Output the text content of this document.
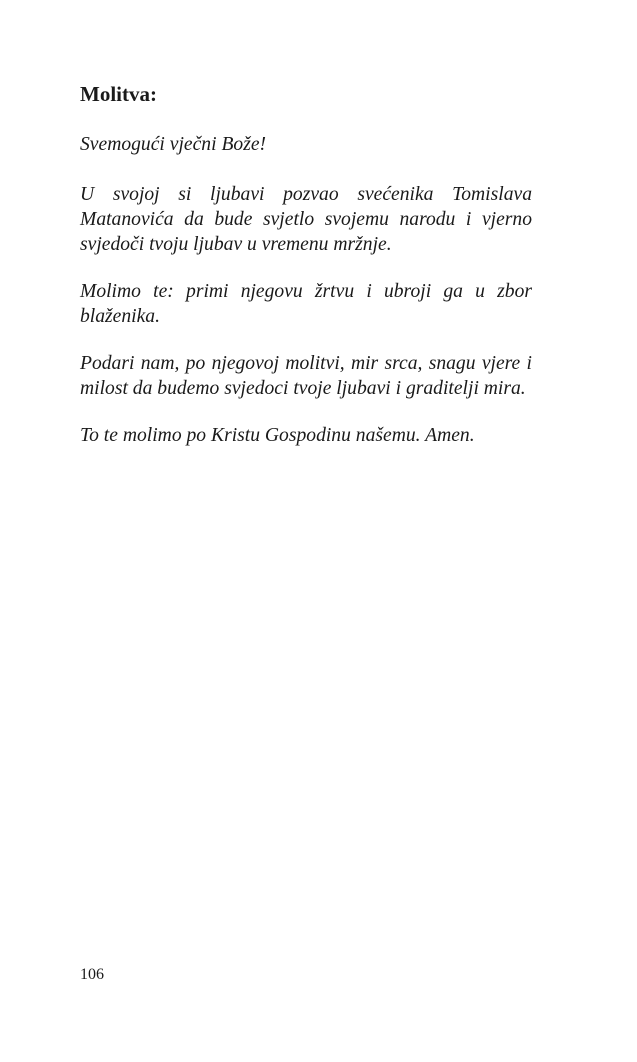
Molitva:

Svemogući vječni Bože!

U svojoj si ljubavi pozvao svećenika Tomislava Matanovića da bude svjetlo svojemu narodu i vjerno svjedoči tvoju ljubav u vremenu mržnje.

Molimo te: primi njegovu žrtvu i ubroji ga u zbor blaženika.

Podari nam, po njegovoj molitvi, mir srca, snagu vjere i milost da budemo svjedoci tvoje ljubavi i graditelji mira.

To te molimo po Kristu Gospodinu našemu. Amen.

106
